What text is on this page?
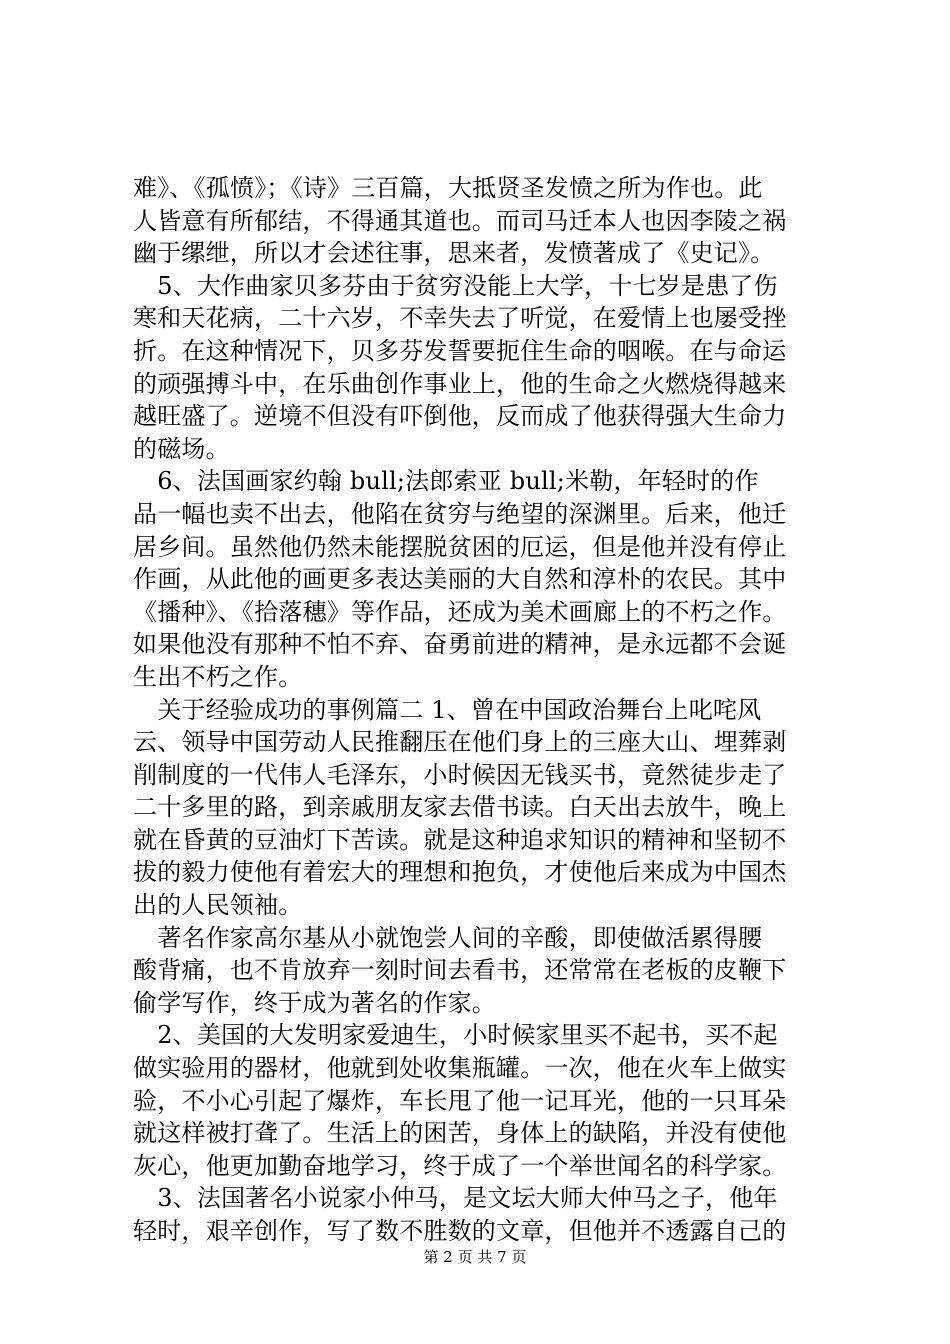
难》、《孤愤》；《诗》三百篇，大抵贤圣发愤之所为作也。此
人皆意有所郁结，不得通其道也。而司马迁本人也因李陵之祸
幽于缧绁，所以才会述往事，思来者，发愤著成了《史记》。
　5、大作曲家贝多芬由于贫穷没能上大学，十七岁是患了伤
寒和天花病，二十六岁，不幸失去了听觉，在爱情上也屡受挫
折。在这种情况下，贝多芬发誓要扼住生命的咽喉。在与命运
的顽强搏斗中，在乐曲创作事业上，他的生命之火燃烧得越来
越旺盛了。逆境不但没有吓倒他，反而成了他获得强大生命力
的磁场。
　6、法国画家约翰 bull;法郎索亚 bull;米勒，年轻时的作
品一幅也卖不出去，他陷在贫穷与绝望的深渊里。后来，他迁
居乡间。虽然他仍然未能摆脱贫困的厄运，但是他并没有停止
作画，从此他的画更多表达美丽的大自然和淳朴的农民。其中
《播种》、《拾落穗》等作品，还成为美术画廊上的不朽之作。
如果他没有那种不怕不弃、奋勇前进的精神，是永远都不会诞
生出不朽之作。
　关于经验成功的事例篇二 1、曾在中国政治舞台上叱咤风
云、领导中国劳动人民推翻压在他们身上的三座大山、埋葬剥
削制度的一代伟人毛泽东，小时候因无钱买书，竟然徒步走了
二十多里的路，到亲戚朋友家去借书读。白天出去放牛，晚上
就在昏黄的豆油灯下苦读。就是这种追求知识的精神和坚韧不
拔的毅力使他有着宏大的理想和抱负，才使他后来成为中国杰
出的人民领袖。
　著名作家高尔基从小就饱尝人间的辛酸，即使做活累得腰
酸背痛，也不肯放弃一刻时间去看书，还常常在老板的皮鞭下
偷学写作，终于成为著名的作家。
　2、美国的大发明家爱迪生，小时候家里买不起书，买不起
做实验用的器材，他就到处收集瓶罐。一次，他在火车上做实
验，不小心引起了爆炸，车长甩了他一记耳光，他的一只耳朵
就这样被打聋了。生活上的困苦，身体上的缺陷，并没有使他
灰心，他更加勤奋地学习，终于成了一个举世闻名的科学家。
　3、法国著名小说家小仲马，是文坛大师大仲马之子，他年
轻时，艰辛创作，写了数不胜数的文章，但他并不透露自己的
第 2 页 共 7 页
